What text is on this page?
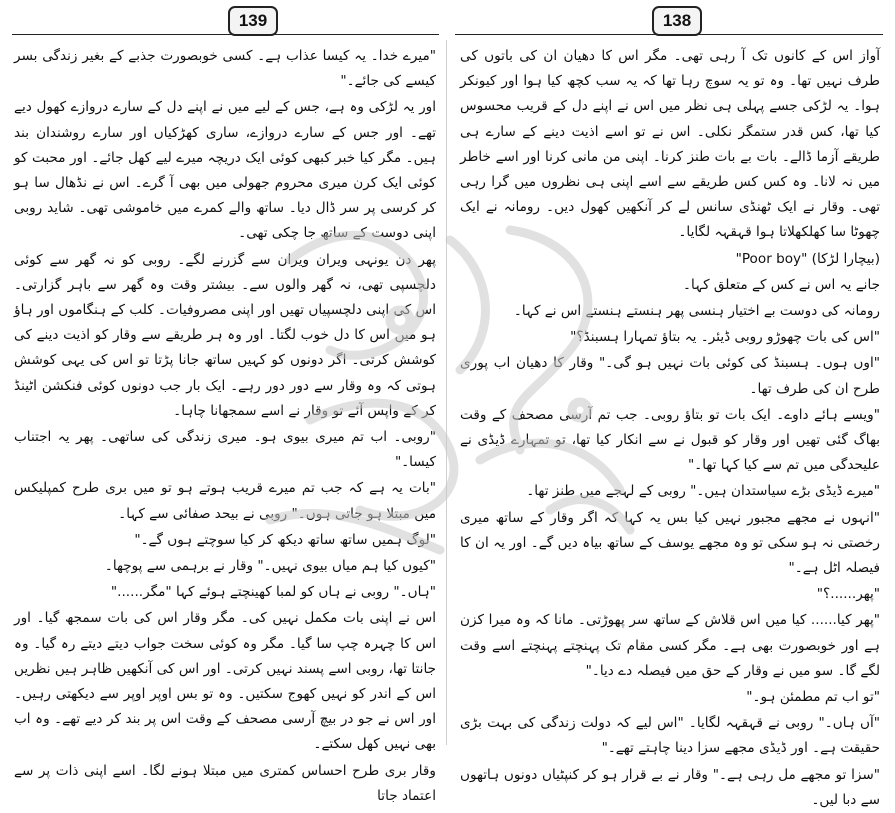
139	138

"میرے خدا۔ یہ کیسا عذاب ہے۔ کسی خوبصورت جذبے کے بغیر زندگی بسر کیسے کی جائے۔"

اور یہ لڑکی وہ ہے، جس کے لیے میں نے اپنے دل کے سارے دروازے کھول دیے تھے۔ اور جس کے سارے دروازے، ساری کھڑکیاں اور سارے روشندان بند ہیں۔ مگر کیا خبر کبھی کوئی ایک دریچہ میرے لیے کھل جائے۔ اور محبت کو کوئی ایک کرن میری محروم جھولی میں بھی آ گرے۔ اس نے نڈھال سا ہو کر کرسی پر سر ڈال دیا۔ ساتھ والے کمرے میں خاموشی تھی۔ شاید روبی اپنی دوست کے ساتھ جا چکی تھی۔

پھر دن یونہی ویران ویران سے گزرنے لگے۔ روبی کو نہ گھر سے کوئی دلچسپی تھی، نہ گھر والوں سے۔ بیشتر وقت وہ گھر سے باہر گزارتی۔ اس کی اپنی دلچسپیاں تھیں اور اپنی مصروفیات۔ کلب کے ہنگاموں اور ہاؤ ہو میں اس کا دل خوب لگتا۔ اور وہ ہر طریقے سے وقار کو اذیت دینے کی کوشش کرتی۔ اگر دونوں کو کہیں ساتھ جانا پڑتا تو اس کی یہی کوشش ہوتی کہ وہ وقار سے دور دور رہے۔ ایک بار جب دونوں کوئی فنکشن اٹینڈ کر کے واپس آئے تو وقار نے اسے سمجھانا چاہا۔

"روبی۔ اب تم میری بیوی ہو۔ میری زندگی کی ساتھی۔ پھر یہ اجتناب کیسا۔"

"بات یہ ہے کہ جب تم میرے قریب ہوتے ہو تو میں بری طرح کمپلیکس میں مبتلا ہو جاتی ہوں۔" روبی نے بیحد صفائی سے کہا۔

"لوگ ہمیں ساتھ ساتھ دیکھ کر کیا سوچتے ہوں گے۔"

"کیوں کیا ہم میاں بیوی نہیں۔" وقار نے برہمی سے پوچھا۔

"ہاں۔" روبی نے ہاں کو لمبا کھینچتے ہوئے کہا "مگر......"

اس نے اپنی بات مکمل نہیں کی۔ مگر وقار اس کی بات سمجھ گیا۔ اور اس کا چہرہ چپ سا گیا۔ مگر وہ کوئی سخت جواب دیتے دیتے رہ گیا۔ وہ جانتا تھا، روبی اسے پسند نہیں کرتی۔ اور اس کی آنکھیں ظاہر ہیں نظریں اس کے اندر کو نہیں کھوج سکتیں۔ وہ تو بس اوپر اوپر سے دیکھتی رہیں۔ اور اس نے جو در بیچ آرسی مصحف کے وقت اس پر بند کر دیے تھے۔ وہ اب بھی نہیں کھل سکتے۔

وقار بری طرح احساس کمتری میں مبتلا ہونے لگا۔ اسے اپنی ذات پر سے اعتماد جاتا

آواز اس کے کانوں تک آ رہی تھی۔ مگر اس کا دھیان ان کی باتوں کی طرف نہیں تھا۔ وہ تو یہ سوچ رہا تھا کہ یہ سب کچھ کیا ہوا اور کیونکر ہوا۔ یہ لڑکی جسے پہلی ہی نظر میں اس نے اپنے دل کے قریب محسوس کیا تھا، کس قدر ستمگر نکلی۔ اس نے تو اسے اذیت دینے کے سارے ہی طریقے آزما ڈالے۔ بات بے بات طنز کرنا۔ اپنی من مانی کرنا اور اسے خاطر میں نہ لانا۔ وہ کس کس طریقے سے اسے اپنی ہی نظروں میں گرا رہی تھی۔ وقار نے ایک ٹھنڈی سانس لے کر آنکھیں کھول دیں۔ رومانہ نے ایک چھوٹا سا کھلکھلاتا ہوا قہقہہ لگایا۔

(بیچارا لڑکا) "Poor boy"

جانے یہ اس نے کس کے متعلق کہا۔

رومانہ کی دوست بے اختیار ہنسی پھر ہنستے ہنستے اس نے کہا۔

"اس کی بات چھوڑو روبی ڈیئر۔ یہ بتاؤ تمہارا ہسبنڈ؟"

"اوں ہوں۔ ہسبنڈ کی کوئی بات نہیں ہو گی۔" وقار کا دھیان اب پوری طرح ان کی طرف تھا۔

"ویسے ہائے داوے۔ ایک بات تو بتاؤ روبی۔ جب تم آرسی مصحف کے وقت بھاگ گئی تھیں اور وقار کو قبول نے سے انکار کیا تھا، تو تمہارے ڈیڈی نے علیحدگی میں تم سے کیا کہا تھا۔"

"میرے ڈیڈی بڑے سیاستدان ہیں۔" روبی کے لہجے میں طنز تھا۔

"انہوں نے مجھے مجبور نہیں کیا بس یہ کہا کہ اگر وقار کے ساتھ میری رخصتی نہ ہو سکی تو وہ مجھے یوسف کے ساتھ بیاہ دیں گے۔ اور یہ ان کا فیصلہ اٹل ہے۔"

"پھر......؟"

"پھر کیا...... کیا میں اس قلاش کے ساتھ سر پھوڑتی۔ مانا کہ وہ میرا کزن ہے اور خوبصورت بھی ہے۔ مگر کسی مقام تک پہنچتے پہنچتے اسے وقت لگے گا۔ سو میں نے وقار کے حق میں فیصلہ دے دیا۔"

"تو اب تم مطمئن ہو۔"

"آں ہاں۔" روبی نے قہقہہ لگایا۔ "اس لیے کہ دولت زندگی کی بہت بڑی حقیقت ہے۔ اور ڈیڈی مجھے سزا دینا چاہتے تھے۔"

"سزا تو مجھے مل رہی ہے۔" وقار نے بے قرار ہو کر کنپٹیاں دونوں ہاتھوں سے دبا لیں۔
